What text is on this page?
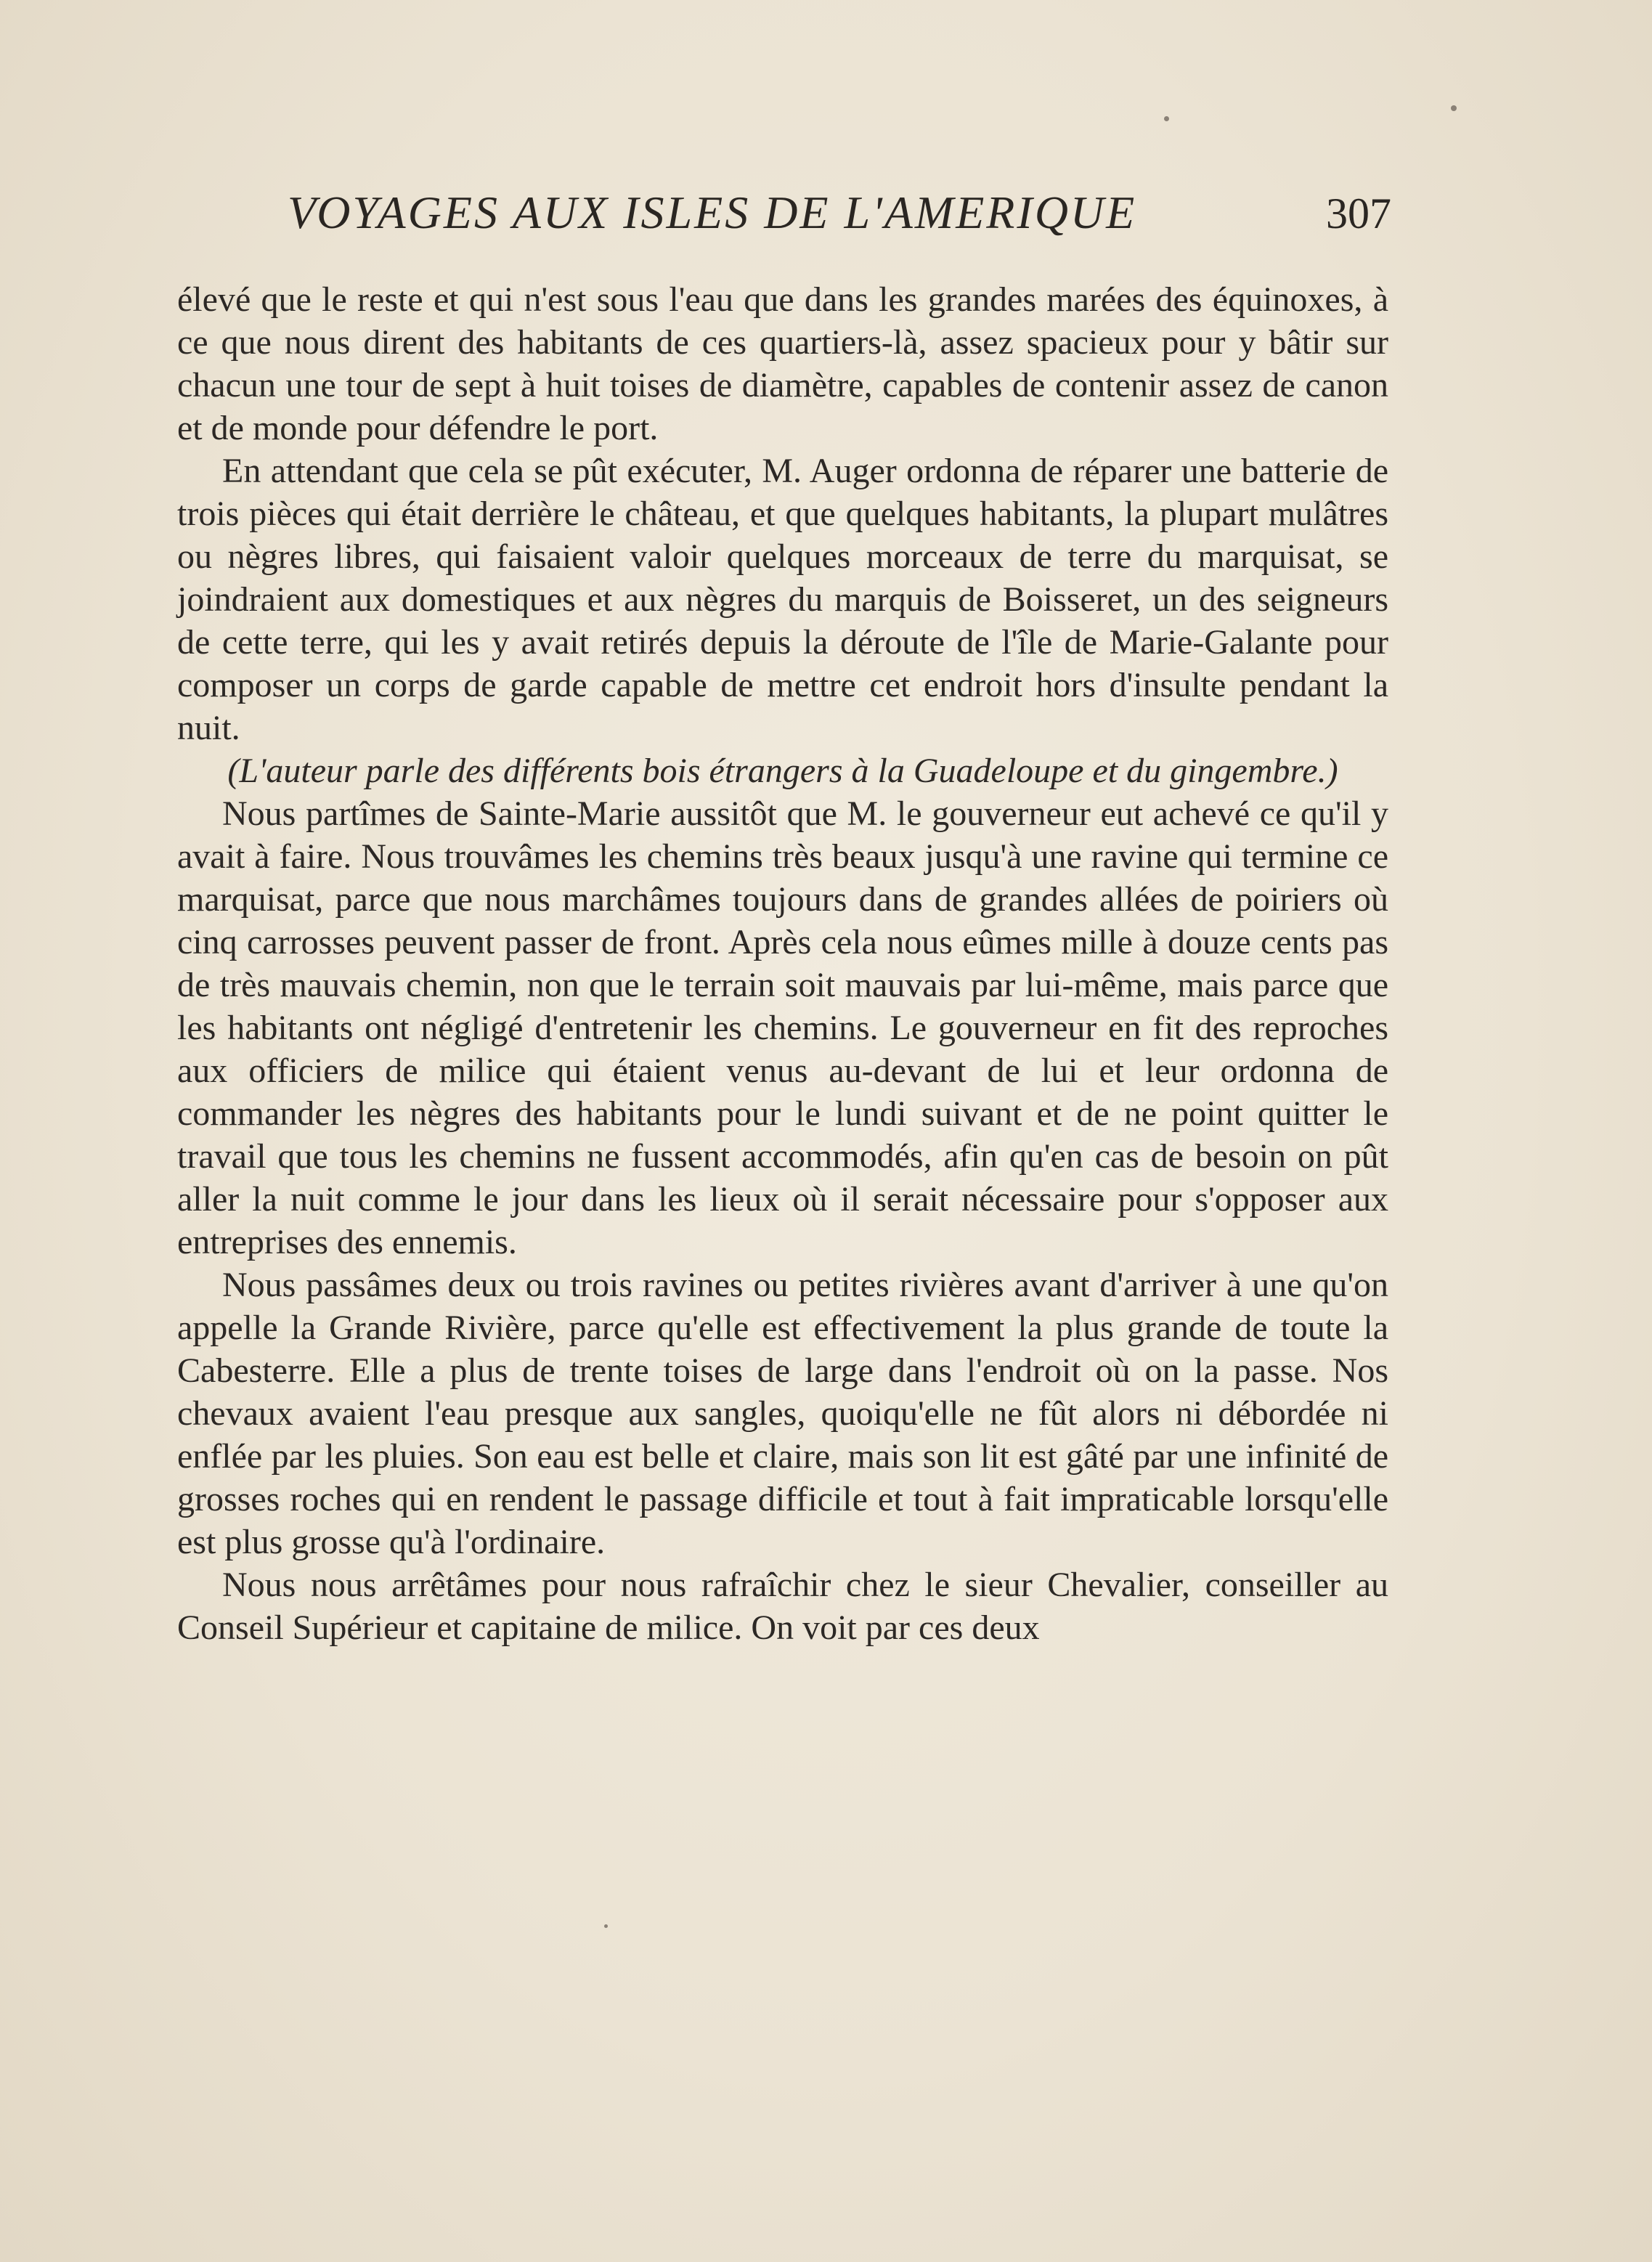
VOYAGES AUX ISLES DE L'AMERIQUE	307

élevé que le reste et qui n'est sous l'eau que dans les grandes marées des équinoxes, à ce que nous dirent des habitants de ces quartiers-là, assez spacieux pour y bâtir sur chacun une tour de sept à huit toises de diamètre, capables de contenir assez de canon et de monde pour défendre le port.

En attendant que cela se pût exécuter, M. Auger ordonna de réparer une batterie de trois pièces qui était derrière le château, et que quelques habitants, la plupart mulâtres ou nègres libres, qui faisaient valoir quelques morceaux de terre du marquisat, se joindraient aux domestiques et aux nègres du marquis de Boisseret, un des seigneurs de cette terre, qui les y avait retirés depuis la déroute de l'île de Marie-Galante pour composer un corps de garde capable de mettre cet endroit hors d'insulte pendant la nuit.

(L'auteur parle des différents bois étrangers à la Guadeloupe et du gingembre.)

Nous partîmes de Sainte-Marie aussitôt que M. le gouverneur eut achevé ce qu'il y avait à faire. Nous trouvâmes les chemins très beaux jusqu'à une ravine qui termine ce marquisat, parce que nous marchâmes toujours dans de grandes allées de poiriers où cinq carrosses peuvent passer de front. Après cela nous eûmes mille à douze cents pas de très mauvais chemin, non que le terrain soit mauvais par lui-même, mais parce que les habitants ont négligé d'entretenir les chemins. Le gouverneur en fit des reproches aux officiers de milice qui étaient venus au-devant de lui et leur ordonna de commander les nègres des habitants pour le lundi suivant et de ne point quitter le travail que tous les chemins ne fussent accommodés, afin qu'en cas de besoin on pût aller la nuit comme le jour dans les lieux où il serait nécessaire pour s'opposer aux entreprises des ennemis.

Nous passâmes deux ou trois ravines ou petites rivières avant d'arriver à une qu'on appelle la Grande Rivière, parce qu'elle est effectivement la plus grande de toute la Cabesterre. Elle a plus de trente toises de large dans l'endroit où on la passe. Nos chevaux avaient l'eau presque aux sangles, quoiqu'elle ne fût alors ni débordée ni enflée par les pluies. Son eau est belle et claire, mais son lit est gâté par une infinité de grosses roches qui en rendent le passage difficile et tout à fait impraticable lorsqu'elle est plus grosse qu'à l'ordinaire.

Nous nous arrêtâmes pour nous rafraîchir chez le sieur Chevalier, conseiller au Conseil Supérieur et capitaine de milice. On voit par ces deux
